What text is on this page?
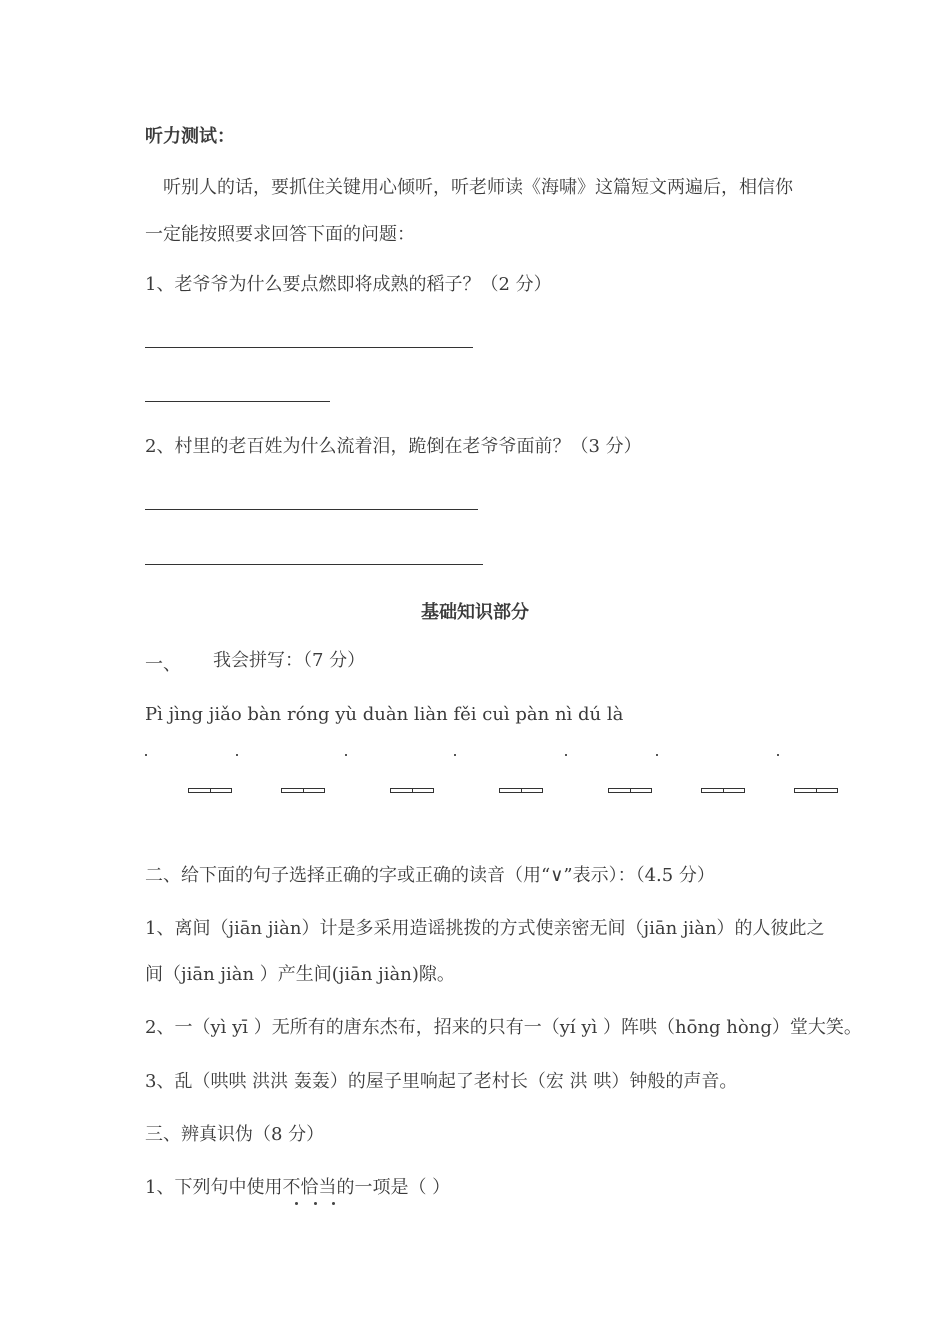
听力测试：
听别人的话，要抓住关键用心倾听，听老师读《海啸》这篇短文两遍后，相信你
一定能按照要求回答下面的问题：
1、老爷爷为什么要点燃即将成熟的稻子？（2 分）
2、村里的老百姓为什么流着泪，跪倒在老爷爷面前？（3 分）
基础知识部分
一、 我会拼写：（7 分）
Pì jìng jiǎo bàn róng yù duàn liàn fěi cuì pàn nì dú là
二、给下面的句子选择正确的字或正确的读音（用“∨”表示）：（4.5 分）
1、离间（jiān jiàn）计是多采用造谣挑拨的方式使亲密无间（jiān jiàn）的人彼此之
间（jiān jiàn ）产生间(jiān jiàn)隙。
2、一（yì yī ）无所有的唐东杰布，招来的只有一（yí yì ）阵哄（hōng hòng）堂大笑。
3、乱（哄哄 洪洪 轰轰）的屋子里响起了老村长（宏 洪 哄）钟般的声音。
三、辨真识伪（8 分）
1、下列句中使用不恰当的一项是（ ）
